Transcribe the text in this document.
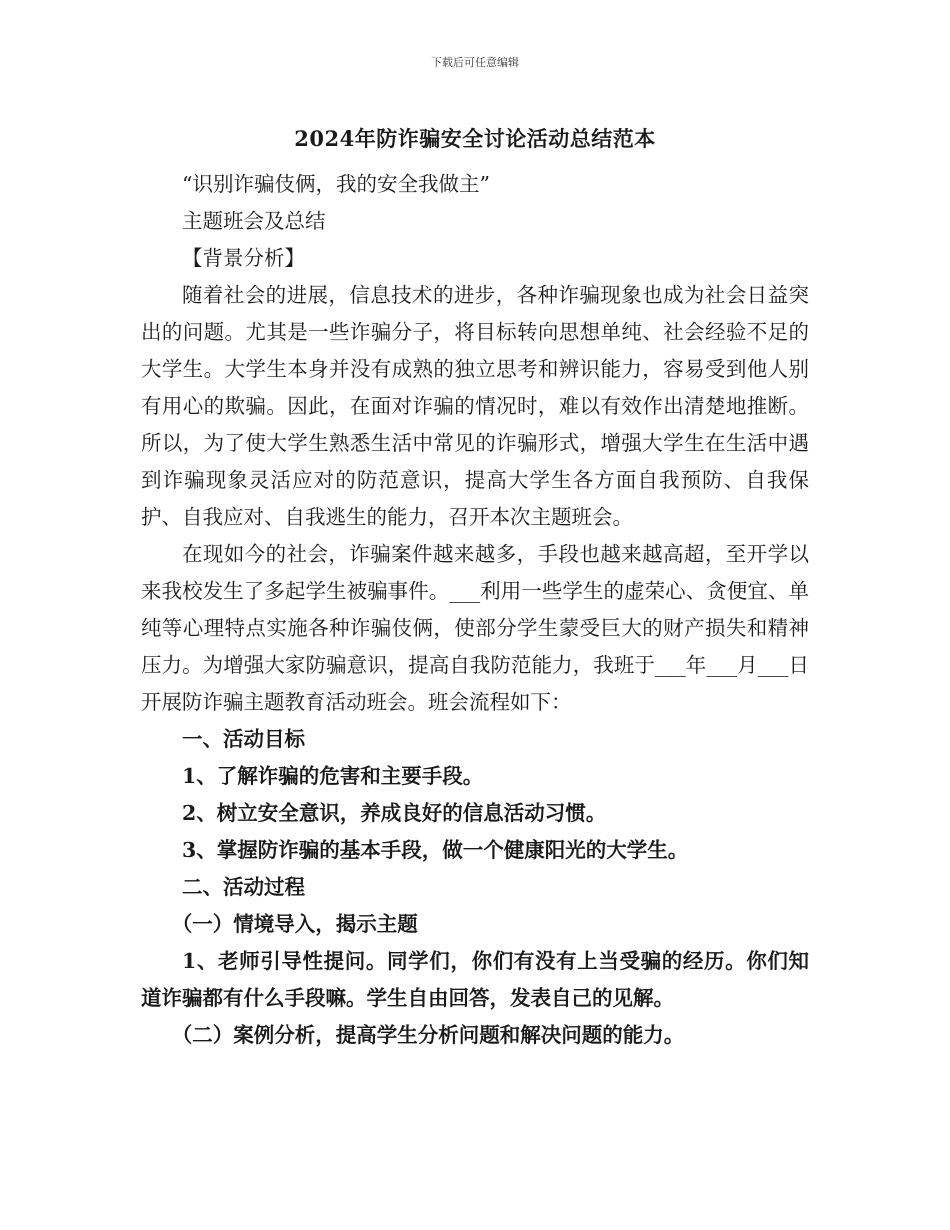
下载后可任意编辑
2024年防诈骗安全讨论活动总结范本

“识别诈骗伎俩，我的安全我做主”

主题班会及总结

【背景分析】

随着社会的进展，信息技术的进步，各种诈骗现象也成为社会日益突出的问题。尤其是一些诈骗分子，将目标转向思想单纯、社会经验不足的大学生。大学生本身并没有成熟的独立思考和辨识能力，容易受到他人别有用心的欺骗。因此，在面对诈骗的情况时，难以有效作出清楚地推断。所以，为了使大学生熟悉生活中常见的诈骗形式，增强大学生在生活中遇到诈骗现象灵活应对的防范意识，提高大学生各方面自我预防、自我保护、自我应对、自我逃生的能力，召开本次主题班会。

在现如今的社会，诈骗案件越来越多，手段也越来越高超，至开学以来我校发生了多起学生被骗事件。___利用一些学生的虚荣心、贪便宜、单纯等心理特点实施各种诈骗伎俩，使部分学生蒙受巨大的财产损失和精神压力。为增强大家防骗意识，提高自我防范能力，我班于___年___月___日开展防诈骗主题教育活动班会。班会流程如下：

一、活动目标

1、了解诈骗的危害和主要手段。

2、树立安全意识，养成良好的信息活动习惯。

3、掌握防诈骗的基本手段，做一个健康阳光的大学生。

二、活动过程

（一）情境导入，揭示主题

1、老师引导性提问。同学们，你们有没有上当受骗的经历。你们知道诈骗都有什么手段嘛。学生自由回答，发表自己的见解。

（二）案例分析，提高学生分析问题和解决问题的能力。
